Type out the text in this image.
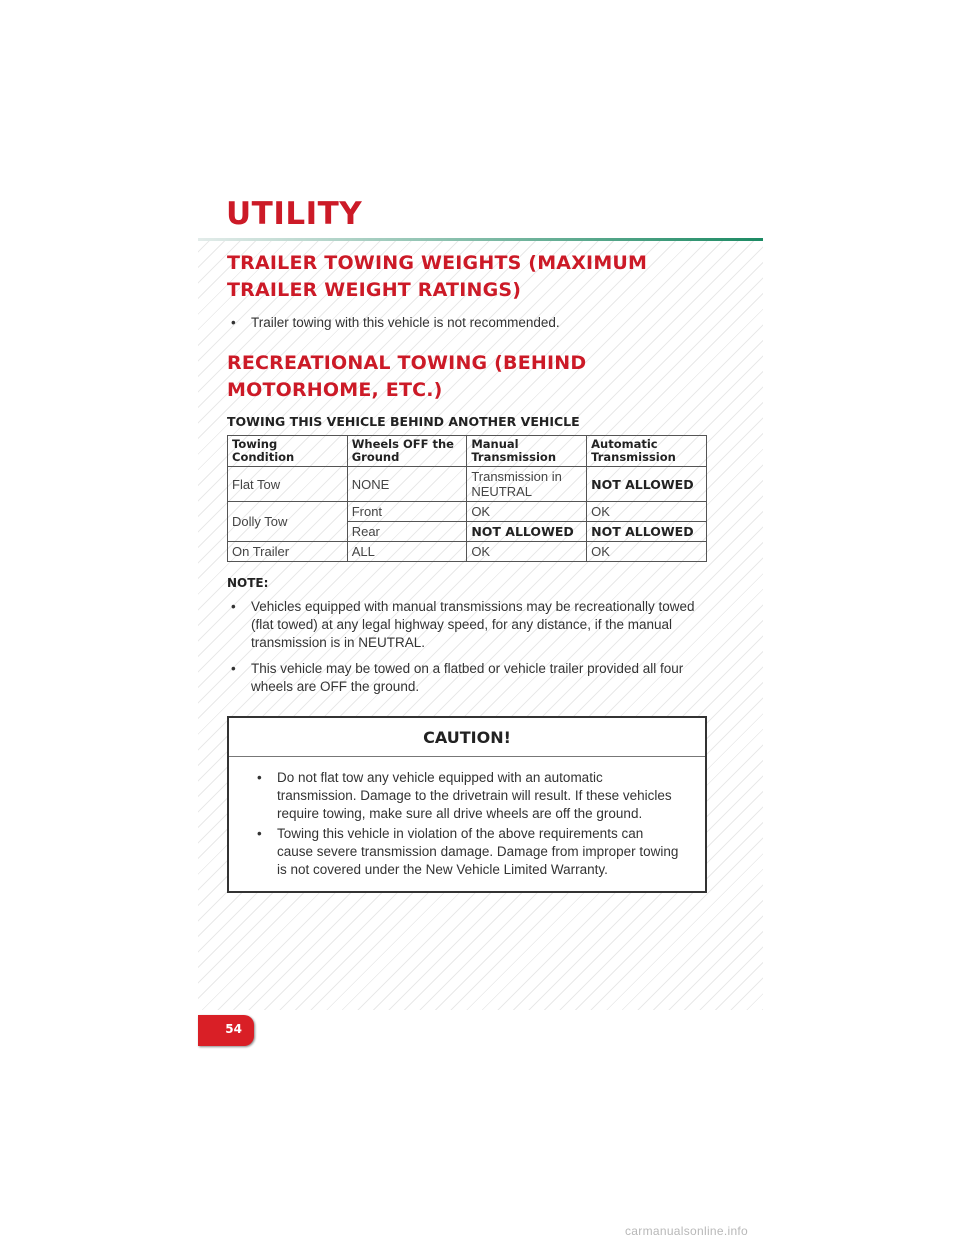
UTILITY
TRAILER TOWING WEIGHTS (MAXIMUM TRAILER WEIGHT RATINGS)

• Trailer towing with this vehicle is not recommended.

RECREATIONAL TOWING (BEHIND MOTORHOME, ETC.)
TOWING THIS VEHICLE BEHIND ANOTHER VEHICLE
Towing Condition	Wheels OFF the Ground	Manual Transmission	Automatic Transmission
Flat Tow	NONE	Transmission in NEUTRAL	NOT ALLOWED
Dolly Tow	Front	OK	OK
	Rear	NOT ALLOWED	NOT ALLOWED
On Trailer	ALL	OK	OK

NOTE:

• Vehicles equipped with manual transmissions may be recreationally towed (flat towed) at any legal highway speed, for any distance, if the manual transmission is in NEUTRAL.

• This vehicle may be towed on a flatbed or vehicle trailer provided all four wheels are OFF the ground.

CAUTION!

• Do not flat tow any vehicle equipped with an automatic transmission. Damage to the drivetrain will result. If these vehicles require towing, make sure all drive wheels are off the ground.

• Towing this vehicle in violation of the above requirements can cause severe transmission damage. Damage from improper towing is not covered under the New Vehicle Limited Warranty.

54
carmanualsonline.info
